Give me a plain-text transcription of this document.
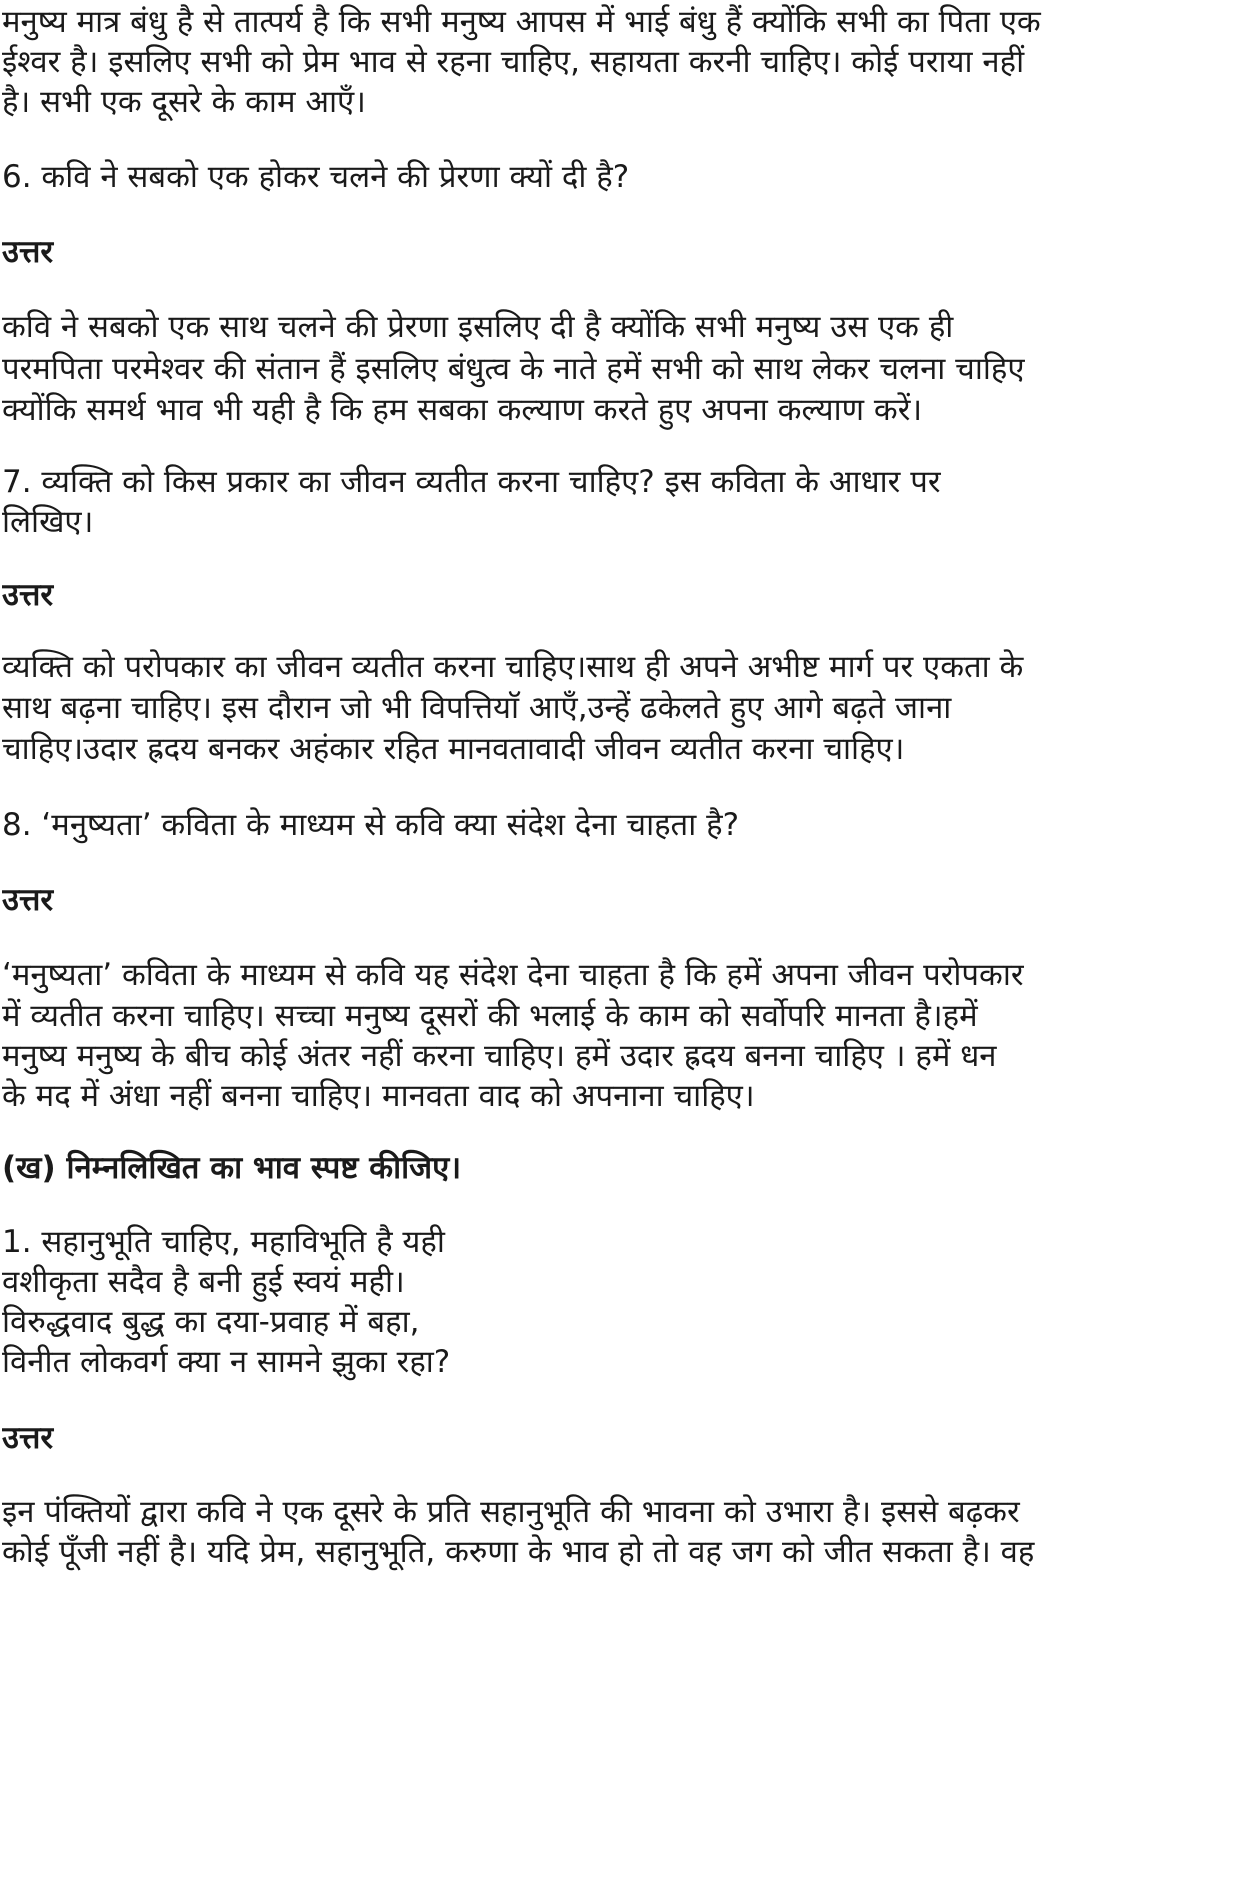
मनुष्य मात्र बंधु है से तात्पर्य है कि सभी मनुष्य आपस में भाई बंधु हैं क्योंकि सभी का पिता एक
ईश्वर है। इसलिए सभी को प्रेम भाव से रहना चाहिए, सहायता करनी चाहिए। कोई पराया नहीं
है। सभी एक दूसरे के काम आएँ।
6. कवि ने सबको एक होकर चलने की प्रेरणा क्यों दी है?
उत्तर
कवि ने सबको एक साथ चलने की प्रेरणा इसलिए दी है क्योंकि सभी मनुष्य उस एक ही
परमपिता परमेश्वर की संतान हैं इसलिए बंधुत्व के नाते हमें सभी को साथ लेकर चलना चाहिए
क्योंकि समर्थ भाव भी यही है कि हम सबका कल्याण करते हुए अपना कल्याण करें।
7. व्यक्ति को किस प्रकार का जीवन व्यतीत करना चाहिए? इस कविता के आधार पर
लिखिए।
उत्तर
व्यक्ति को परोपकार का जीवन व्यतीत करना चाहिए।साथ ही अपने अभीष्ट मार्ग पर एकता के
साथ बढ़ना चाहिए। इस दौरान जो भी विपत्तियाॅ आएँ,उन्हें ढकेलते हुए आगे बढ़ते जाना
चाहिए।उदार ह्रदय बनकर अहंकार रहित मानवतावादी जीवन व्यतीत करना चाहिए।
8. ‘मनुष्यता’ कविता के माध्यम से कवि क्या संदेश देना चाहता है?
उत्तर
‘मनुष्यता’ कविता के माध्यम से कवि यह संदेश देना चाहता है कि हमें अपना जीवन परोपकार
में व्यतीत करना चाहिए। सच्चा मनुष्य दूसरों की भलाई के काम को सर्वोपरि मानता है।हमें
मनुष्य मनुष्य के बीच कोई अंतर नहीं करना चाहिए। हमें उदार ह्रदय बनना चाहिए । हमें धन
के मद में अंधा नहीं बनना चाहिए। मानवता वाद को अपनाना चाहिए।
(ख) निम्नलिखित का भाव स्पष्ट कीजिए।
1. सहानुभूति चाहिए, महाविभूति है यही
वशीकृता सदैव है बनी हुई स्वयं मही।
विरुद्धवाद बुद्ध का दया-प्रवाह में बहा,
विनीत लोकवर्ग क्या न सामने झुका रहा?
उत्तर
इन पंक्तियों द्वारा कवि ने एक दूसरे के प्रति सहानुभूति की भावना को उभारा है। इससे बढ़कर
कोई पूँजी नहीं है। यदि प्रेम, सहानुभूति, करुणा के भाव हो तो वह जग को जीत सकता है। वह
